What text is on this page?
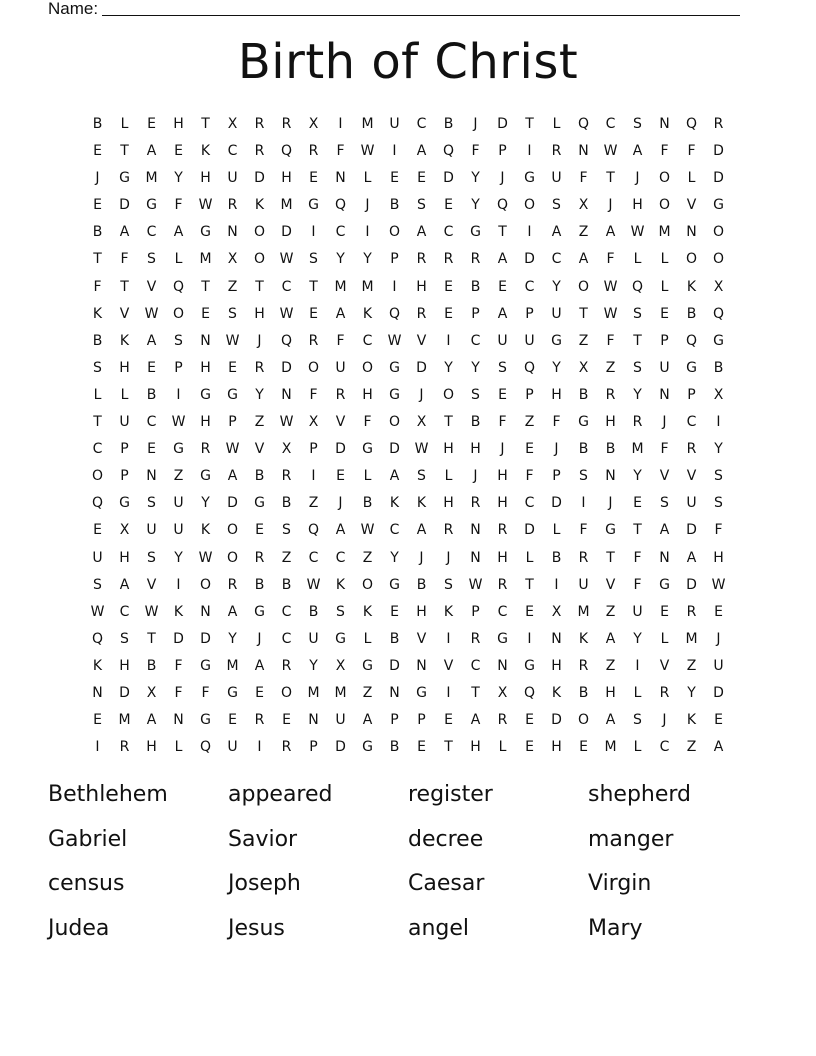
Name:
Birth of Christ
B	L	E	H	T	X	R	R	X	I	M	U	C	B	J	D	T	L	Q	C	S	N	Q	R
E	T	A	E	K	C	R	Q	R	F	W	I	A	Q	F	P	I	R	N	W	A	F	F	D
J	G	M	Y	H	U	D	H	E	N	L	E	E	D	Y	J	G	U	F	T	J	O	L	D
E	D	G	F	W	R	K	M	G	Q	J	B	S	E	Y	Q	O	S	X	J	H	O	V	G
B	A	C	A	G	N	O	D	I	C	I	O	A	C	G	T	I	A	Z	A	W	M	N	O
T	F	S	L	M	X	O	W	S	Y	Y	P	R	R	R	A	D	C	A	F	L	L	O	O
F	T	V	Q	T	Z	T	C	T	M	M	I	H	E	B	E	C	Y	O	W	Q	L	K	X
K	V	W	O	E	S	H	W	E	A	K	Q	R	E	P	A	P	U	T	W	S	E	B	Q
B	K	A	S	N	W	J	Q	R	F	C	W	V	I	C	U	U	G	Z	F	T	P	Q	G
S	H	E	P	H	E	R	D	O	U	O	G	D	Y	Y	S	Q	Y	X	Z	S	U	G	B
L	L	B	I	G	G	Y	N	F	R	H	G	J	O	S	E	P	H	B	R	Y	N	P	X
T	U	C	W	H	P	Z	W	X	V	F	O	X	T	B	F	Z	F	G	H	R	J	C	I
C	P	E	G	R	W	V	X	P	D	G	D	W	H	H	J	E	J	B	B	M	F	R	Y
O	P	N	Z	G	A	B	R	I	E	L	A	S	L	J	H	F	P	S	N	Y	V	V	S
Q	G	S	U	Y	D	G	B	Z	J	B	K	K	H	R	H	C	D	I	J	E	S	U	S
E	X	U	U	K	O	E	S	Q	A	W	C	A	R	N	R	D	L	F	G	T	A	D	F
U	H	S	Y	W	O	R	Z	C	C	Z	Y	J	J	N	H	L	B	R	T	F	N	A	H
S	A	V	I	O	R	B	B	W	K	O	G	B	S	W	R	T	I	U	V	F	G	D	W
W	C	W	K	N	A	G	C	B	S	K	E	H	K	P	C	E	X	M	Z	U	E	R	E
Q	S	T	D	D	Y	J	C	U	G	L	B	V	I	R	G	I	N	K	A	Y	L	M	J
K	H	B	F	G	M	A	R	Y	X	G	D	N	V	C	N	G	H	R	Z	I	V	Z	U
N	D	X	F	F	G	E	O	M	M	Z	N	G	I	T	X	Q	K	B	H	L	R	Y	D
E	M	A	N	G	E	R	E	N	U	A	P	P	E	A	R	E	D	O	A	S	J	K	E
I	R	H	L	Q	U	I	R	P	D	G	B	E	T	H	L	E	H	E	M	L	C	Z	A
Bethlehem	appeared	register	shepherd
Gabriel	Savior	decree	manger
census	Joseph	Caesar	Virgin
Judea	Jesus	angel	Mary
